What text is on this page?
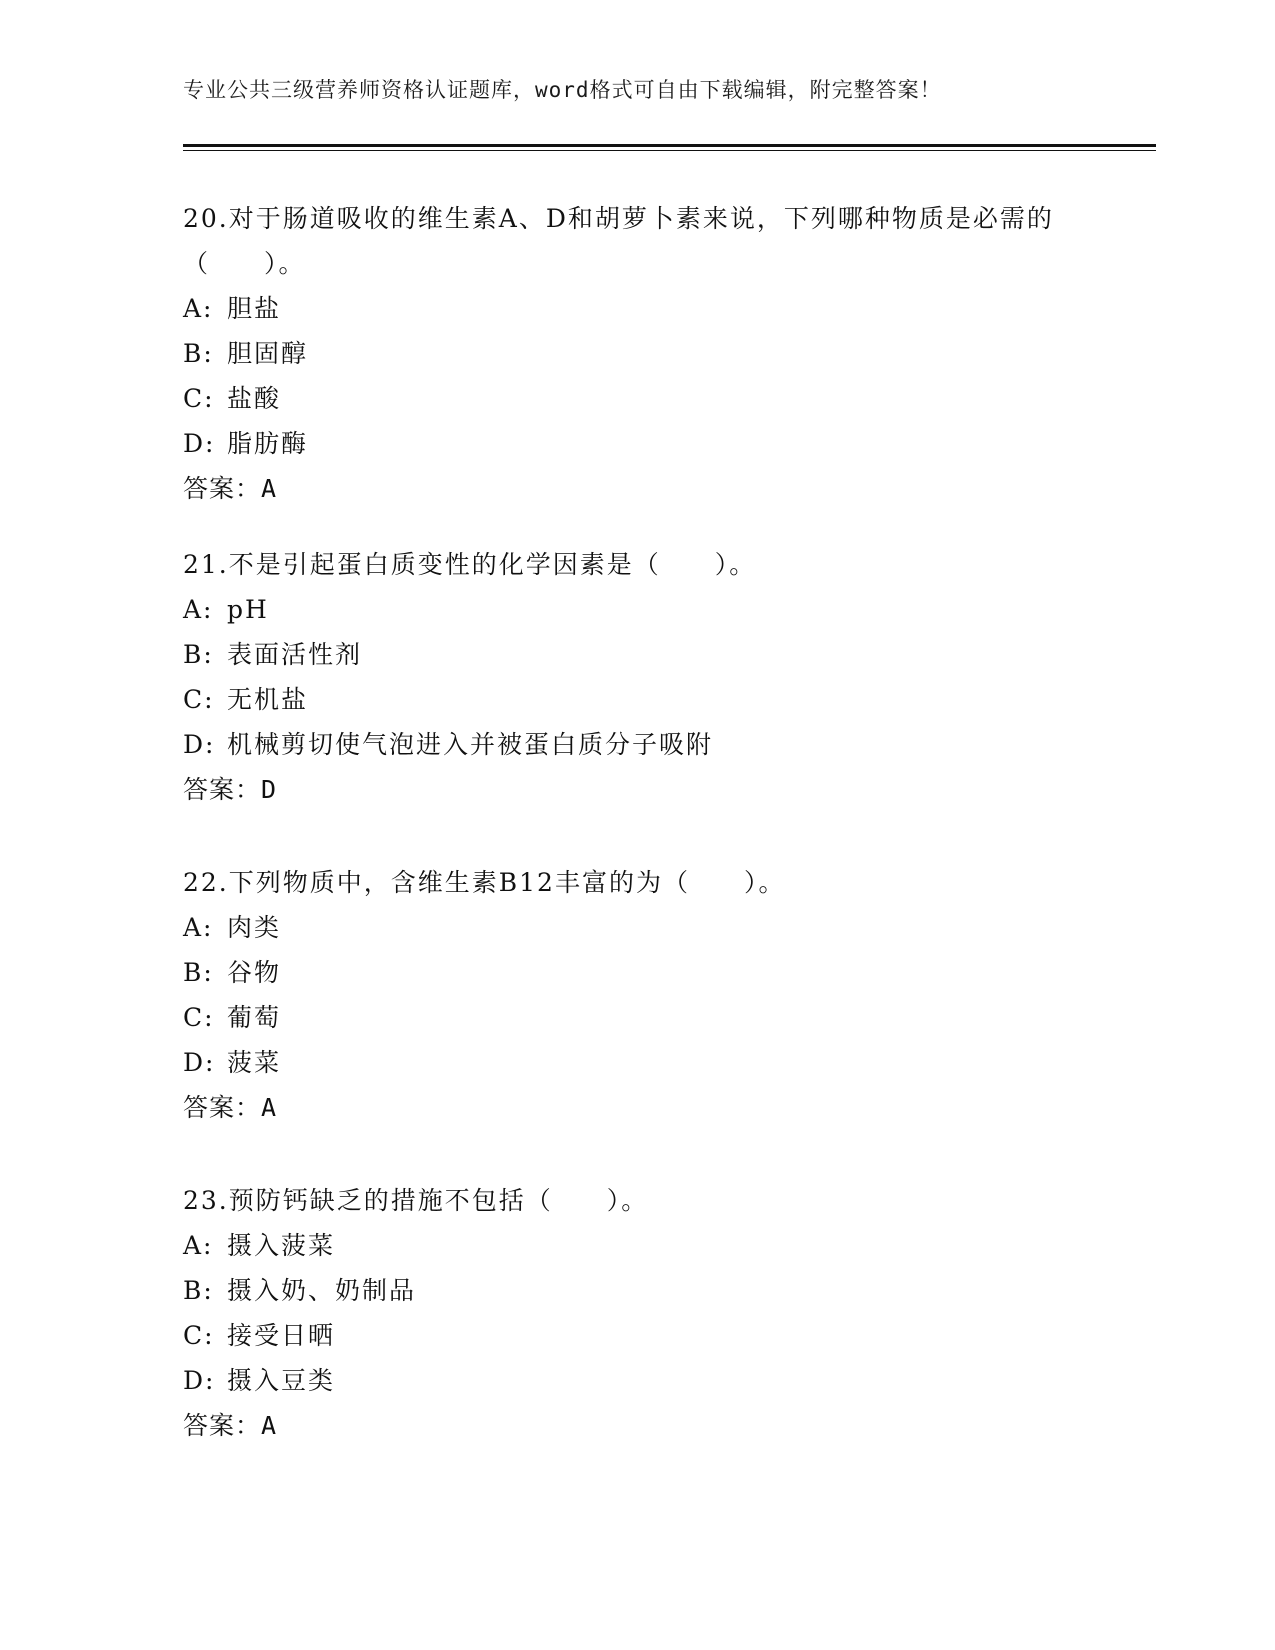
专业公共三级营养师资格认证题库，word格式可自由下载编辑，附完整答案！

20.对于肠道吸收的维生素A、D和胡萝卜素来说，下列哪种物质是必需的（　　）。

A: 胆盐

B: 胆固醇

C: 盐酸

D: 脂肪酶

答案：A

21.不是引起蛋白质变性的化学因素是（　　）。

A: pH

B: 表面活性剂

C: 无机盐

D: 机械剪切使气泡进入并被蛋白质分子吸附

答案：D

22.下列物质中，含维生素B12丰富的为（　　）。

A: 肉类

B: 谷物

C: 葡萄

D: 菠菜

答案：A

23.预防钙缺乏的措施不包括（　　）。

A: 摄入菠菜

B: 摄入奶、奶制品

C: 接受日晒

D: 摄入豆类

答案：A
